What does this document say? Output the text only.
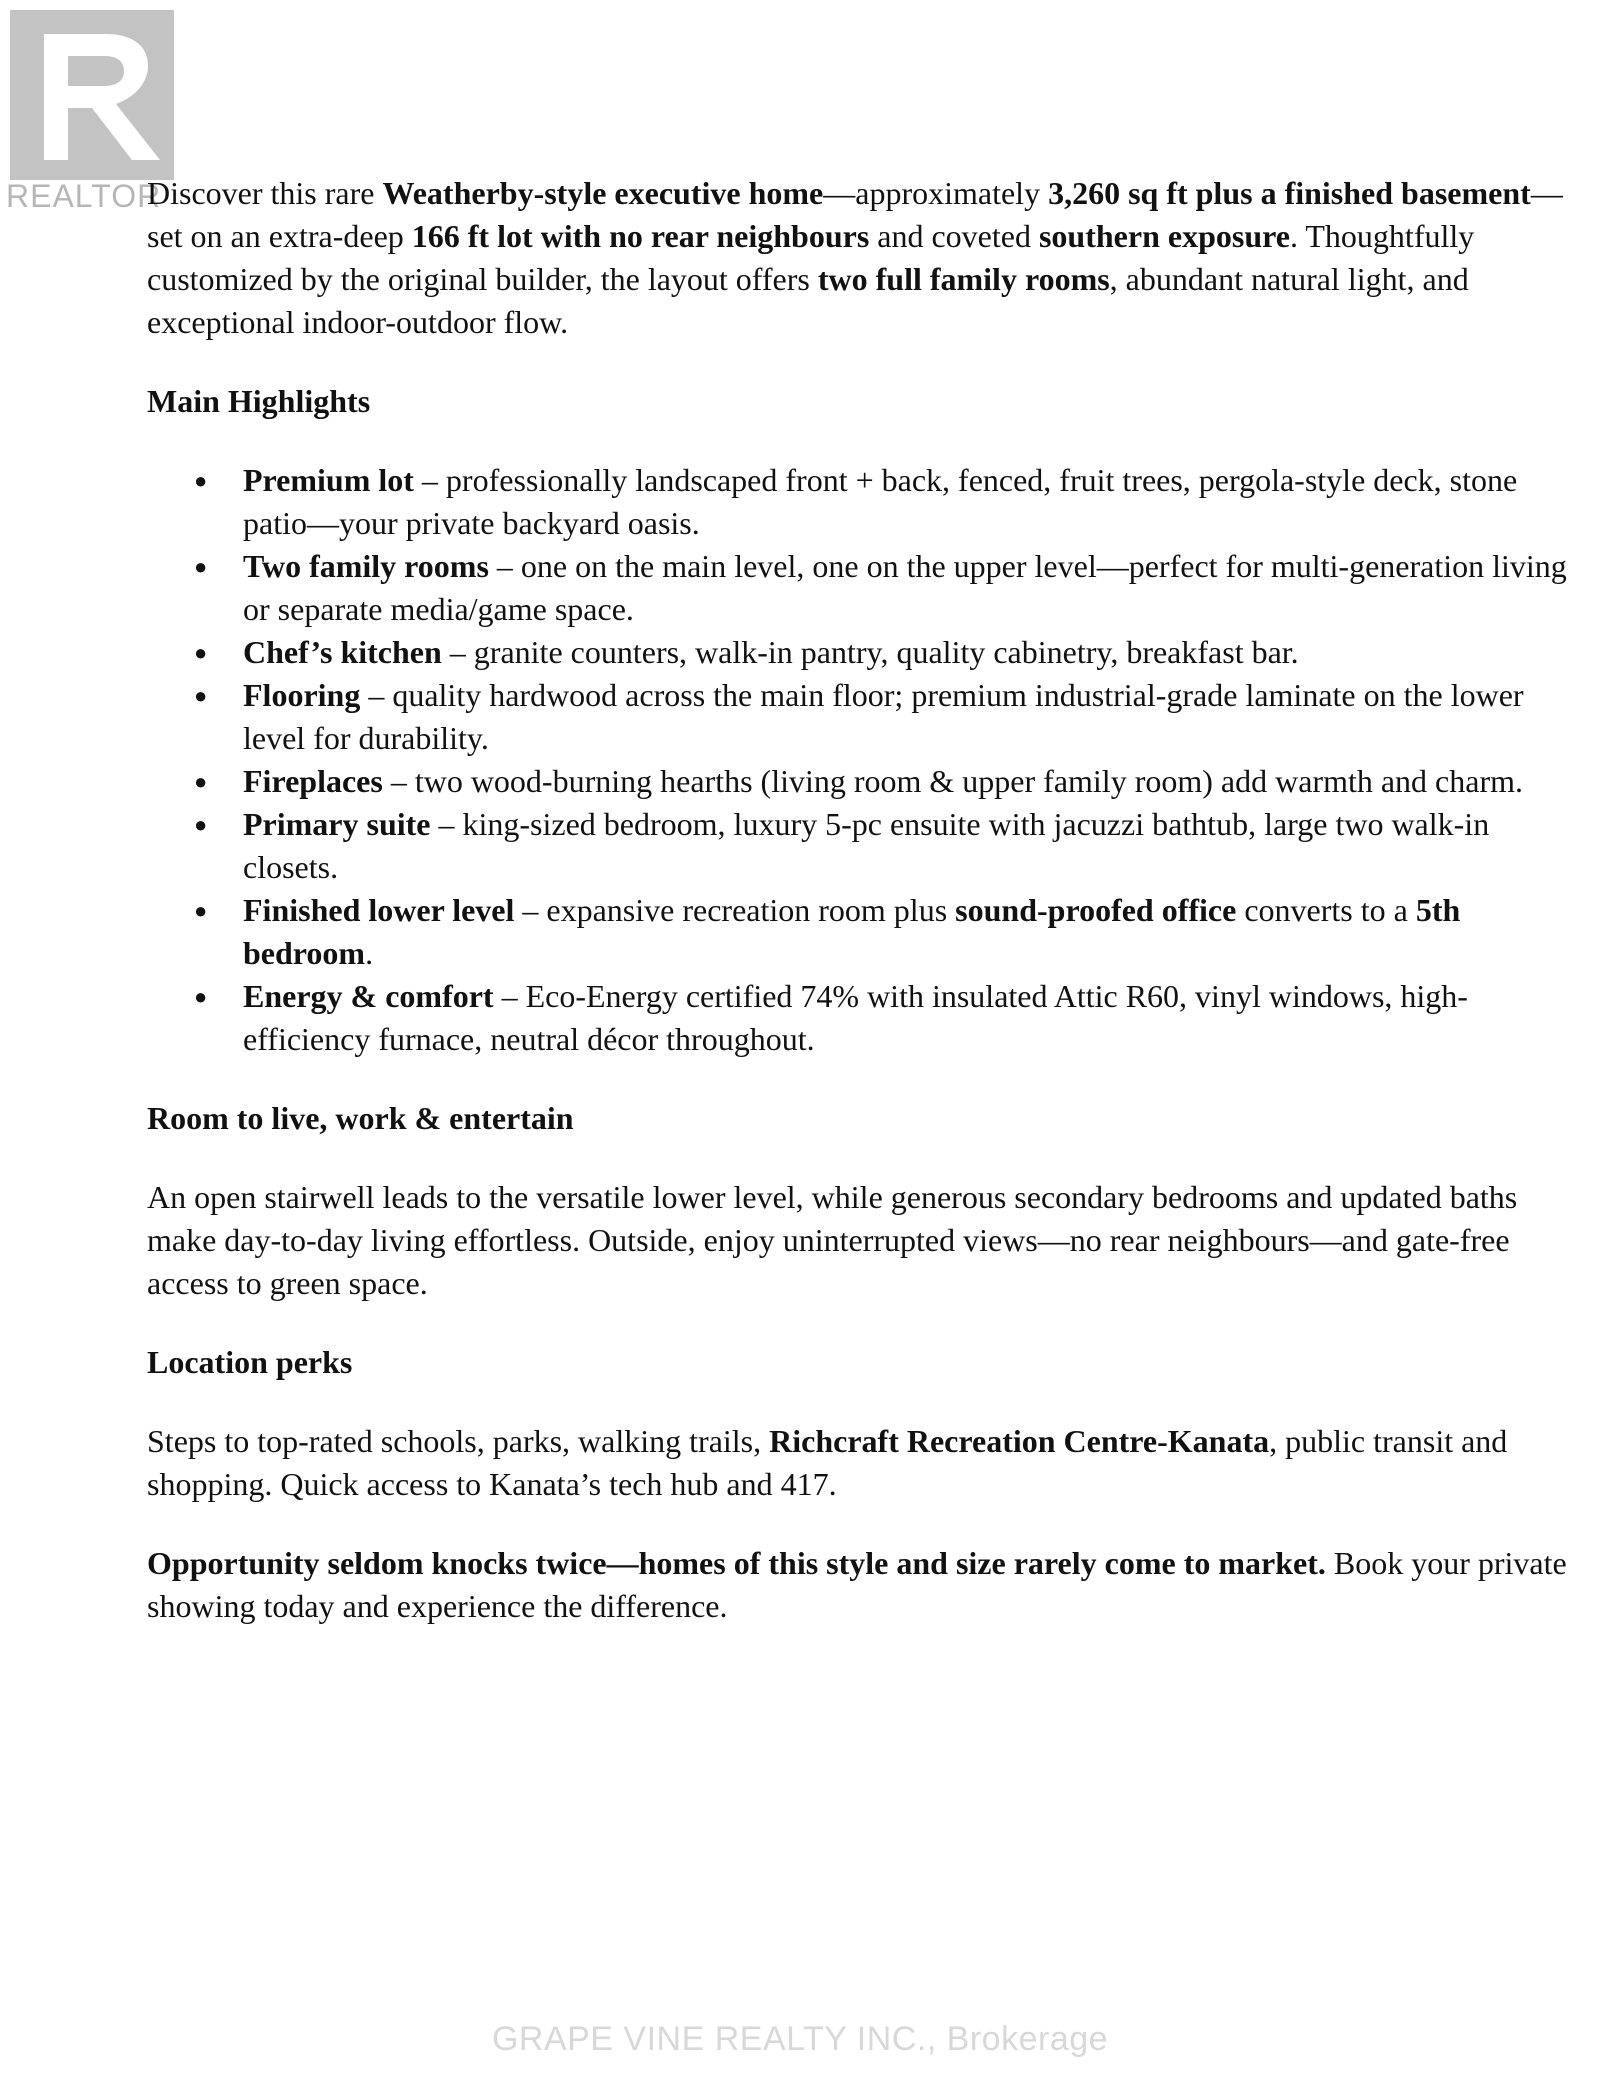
REALTOR

Discover this rare Weatherby-style executive home—approximately 3,260 sq ft plus a finished basement—set on an extra-deep 166 ft lot with no rear neighbours and coveted southern exposure. Thoughtfully customized by the original builder, the layout offers two full family rooms, abundant natural light, and exceptional indoor-outdoor flow.

Main Highlights

● Premium lot – professionally landscaped front + back, fenced, fruit trees, pergola-style deck, stone patio—your private backyard oasis.
● Two family rooms – one on the main level, one on the upper level—perfect for multi-generation living or separate media/game space.
● Chef’s kitchen – granite counters, walk-in pantry, quality cabinetry, breakfast bar.
● Flooring – quality hardwood across the main floor; premium industrial-grade laminate on the lower level for durability.
● Fireplaces – two wood-burning hearths (living room & upper family room) add warmth and charm.
● Primary suite – king-sized bedroom, luxury 5-pc ensuite with jacuzzi bathtub, large two walk-in closets.
● Finished lower level – expansive recreation room plus sound-proofed office converts to a 5th bedroom.
● Energy & comfort – Eco-Energy certified 74% with insulated Attic R60, vinyl windows, high-efficiency furnace, neutral décor throughout.

Room to live, work & entertain

An open stairwell leads to the versatile lower level, while generous secondary bedrooms and updated baths make day-to-day living effortless. Outside, enjoy uninterrupted views—no rear neighbours—and gate-free access to green space.

Location perks

Steps to top-rated schools, parks, walking trails, Richcraft Recreation Centre-Kanata, public transit and shopping. Quick access to Kanata’s tech hub and 417.

Opportunity seldom knocks twice—homes of this style and size rarely come to market. Book your private showing today and experience the difference.

GRAPE VINE REALTY INC., Brokerage
